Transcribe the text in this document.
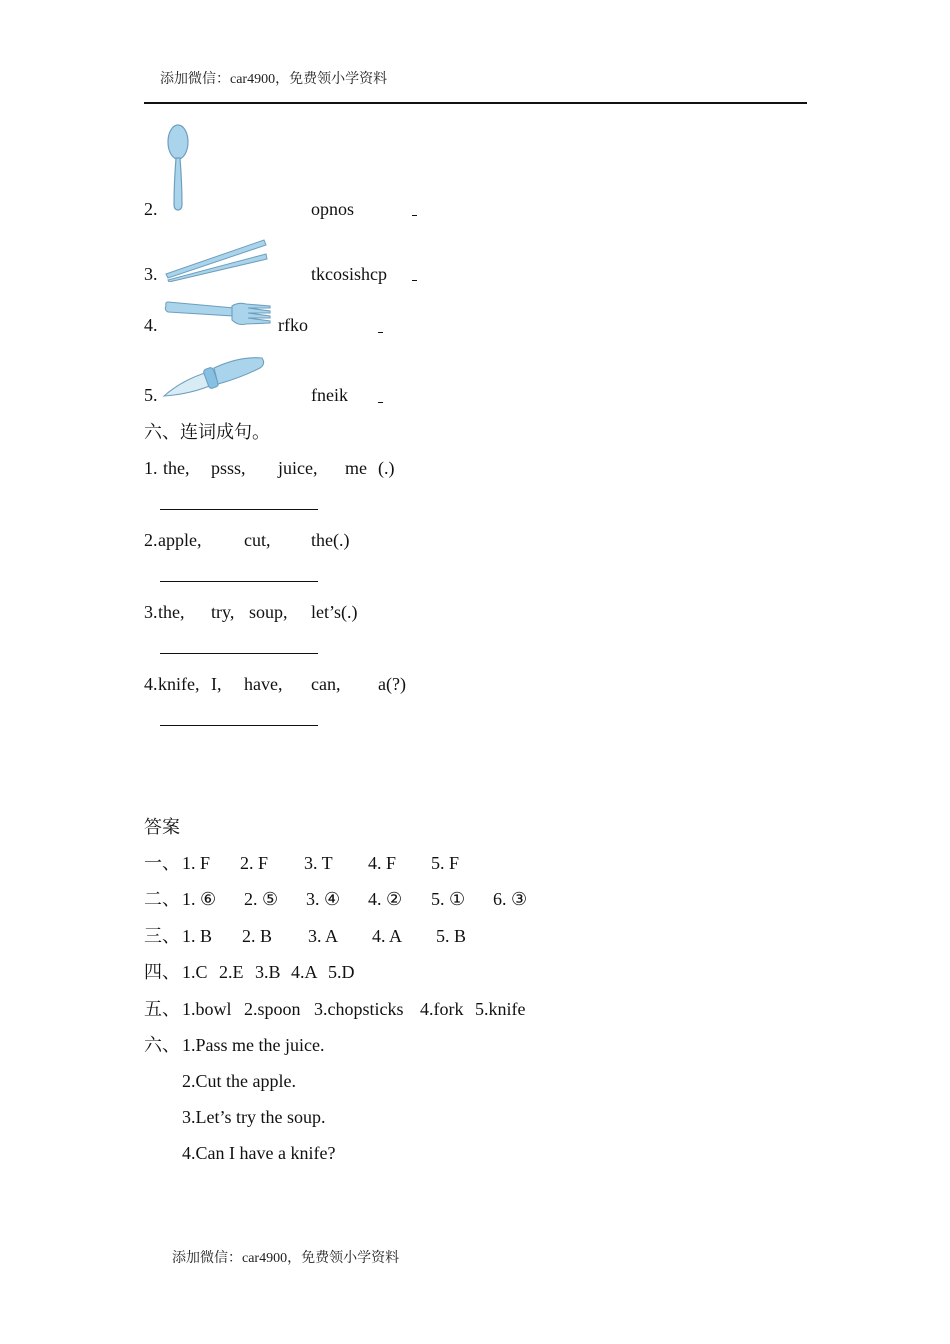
添加微信：car4900，免费领小学资料
2.	opnos
3.	tkcosishcp
4.	rfko
5.	fneik
六、连词成句。
1. the, psss, juice, me (.)
2. apple, cut, the(.)
3. the, try, soup, let’s(.)
4. knife, I, have, can, a(?)
答案
一、 1. F 2. F 3. T 4. F 5. F
二、 1. ⑥ 2. ⑤ 3. ④ 4. ② 5. ① 6. ③
三、 1. B 2. B 3. A 4. A 5. B
四、 1.C 2.E 3.B 4.A 5.D
五、 1.bowl 2.spoon 3.chopsticks 4.fork 5.knife
六、 1.Pass me the juice.
2.Cut the apple.
3.Let’s try the soup.
4.Can I have a knife?
添加微信：car4900，免费领小学资料
